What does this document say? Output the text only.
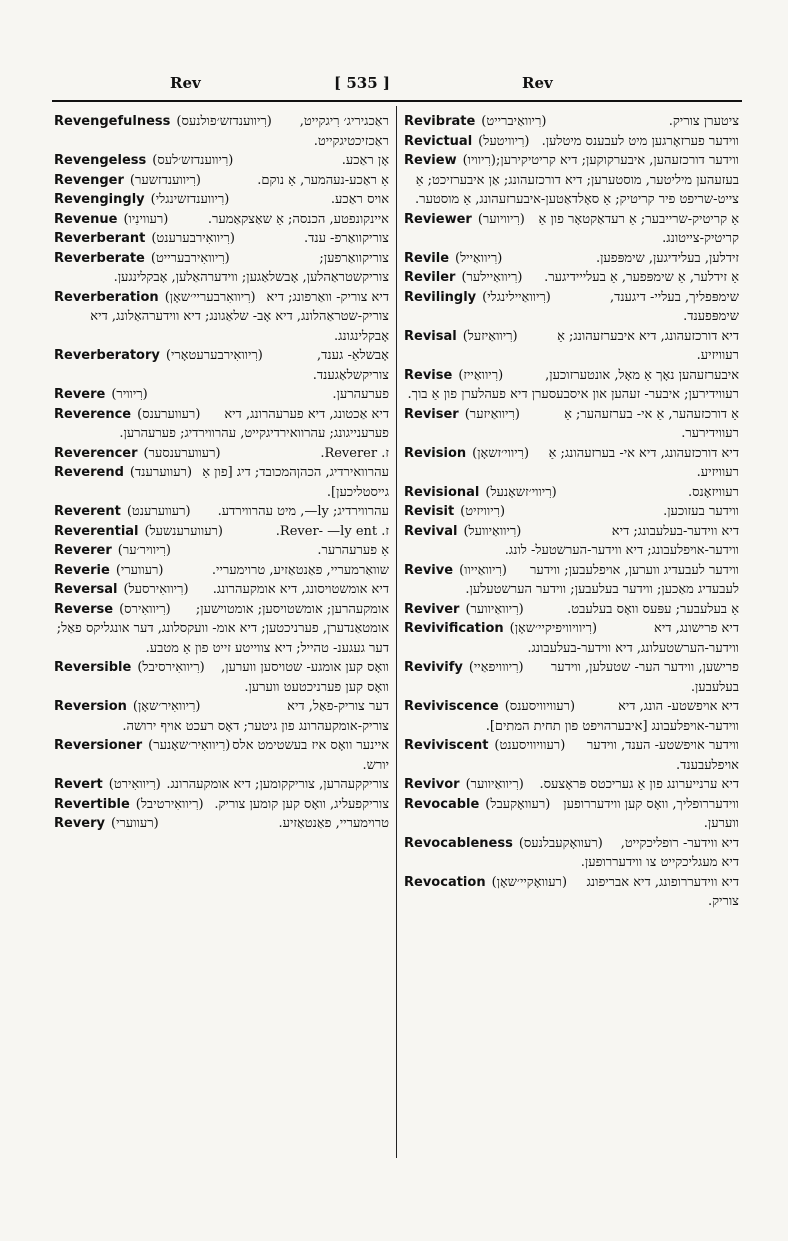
Rev	[ 535 ]	Rev
Revengefulness (רִיווענדזש׳פולנעס)	ראַכגיריג׳ רִיגקייט, ראַכזיכטיגקייט.
Revengeless (רִיווענדזש׳לעס)	אָן ראַכע.
Revenger (רִיווענדזשער)	אַ ראַכע-נעהמער, אַ נוקם.
Revengingly (רִיווענדזשינגלי)	אויס ראַכע.
Revenue (רעווינִיו)	איינקונפטע, הכנסה; אַ שאַצקאַמער.
Reverberant (רִיוואִירבערענט)	צוריקוואַרפ- ענד.
Reverberate (רִיוואִירבערייט)	צוריקוואַרפען; צוריקשטראַהלען, אָבשלאַגען; ווידערהאַלען, אָבקלינגען.
Reverberation (רִיוואִרבעריי׳שאָן) דיא צוריק- וואַרפונג; דיא צוריק-שטראַהלונג, דיא אָב- שלאַגונג; דיא ווידערהאַלונג, דיא אָבקלינגונג.
Reverberatory (רִיוואִירבערעטאָרי)	אָבשלאַ- גענד, צוריקשלאַגענד.
Revere (רִיוויר)	פערעהרען.
Reverence (רעווערענס)	דיא אַכטונג, דיא פערעהרונג, דיא פערענייגונג; עהרוואירדיגקייט, עהרווירדיג; פערעהרען.
Reverencer (רעווערענסער)	ז. Reverer.
Reverend (רעווערענד) עהרוואירדיג, הכהןהמכובד; דיג [פון אַ גייסטליכען].
Reverent (רעווערענט)	עהרווירדיג; ly—, מיט עהרווירדע.
Reverential (רעווערענשעל)	ז. Rever- —ly ent.
Reverer (רִיוויר׳ער)	אַ פערעהרער.
Reverie (רעווערי)	שוואַרמעריי, פאַנטאַזיע, טרוימעריי.
Reversal (רִיוואִירסעל)	דיא אומשטויסונג, דיא אומקעהרונג.
Reverse (רִיוואִירס)	אומקעהרען; אומשטויסען; אומטוישען; אומטאַנדערן, פערניכטען; דיא אומ- וועקסלונג, דער אונגליקס פאַל; דער געגענ- טהייל; דיא צווייטע זייט פון אַ מטבע.
Reversible (רִיוואִירסיבל)	וואָס קען אומגע- שטויסען ווערען, וואָס קען פערניכטעט ווערען.
Reversion (רִיוואִיר׳שאָן)	דער צוריק-פאַל, דיא צוריק-אומקעהרונג פון גיטער; דאָס רעכט אויף ירושה.
Reversioner (רִיוואִיר׳שאָנער) איינער וואָס איז בעשטימט אלס יורש.
Revert (רִיוואִירט) צוריקקעהרען, צוריקקומען; דיא אומקעהרונג.
Revertible (רִיוואִירטיבל) צוריקפעליג, וואָס קען קומען צוריק.
Revery (רעווערי)	טרוימעריי, פאַנטאַזיע.
Revibrate (רִיוואַיברייט)	ציטערן צוריק.
Revictual (רִיוויטעל) ווידער פערזאָרגען מיט לעבענס מיטלען.
Review (רִיוויו) ווידער דורכזעהען, איבערקוקען; דיא קריטיקירען; בעזעהען מיליטער, מוסטערען; דיא דורכזעהונג; אַן איבערזיכט; אַ צייט-שריפט פיר קריטיק; אַ סאָלדאַטען-איבערזעהונג, אַ מוסטער.
Reviewer (רִיוויוער)	אַ קריטיק-שרייבער; אַ רעדאַקטאָר פון אַ קריטיק-צייטונג.
Revile (רִיוואַייל)	זידלען, בעלידיגען, שימפּפען.
Reviler (רִיוואַיילער)	אַ זידלער, אַ שימפּפער, אַ בעלייידיגער.
Revilingly (רִיוואַיילינגלי)	שימפּפליך, בעליי- דיגענד, שימפּפענד.
Revisal (רִיוואַיזעל)	דיא דורכזעהונג, דיא איבערזעהונג; אַ רעוויזיע.
Revise (רִיוואַייז)	איבערזעהען נאָך אַ מאָל, אונטערזוכען, רעווידירען; איבער- זעהען און איסבעסערן דיא פעהלערן פון אַ בוך.
Reviser (רִיוואַיזער)	אַ דורכזעהער, אַ אי- בערזעהער; אַ רעווידירער.
Revision (רִיווי׳זשאָן)	דיא דורכזעהונג, דיא אי- בערזעהונג; אַ רעוויזיע.
Revisional (רִיווי׳זשאָנעל)	רעוויזאָנס.
Revisit (רִיוויזיט)	ווידער בעזוכען.
Revival (רִיוואַיוועל)	דיא ווידער-בעלעבונג; דיא ווידער-אויפלעבונג; דיא ווידער-הערשטעל- לונג.
Revive (רִיוואַייוו)	ווידער לעבעדיג ווערען, אויפלעבען; ווידער לעבעדיג מאַכען; ווידער בעלעבען; ווידער הערשטעלען.
Reviver (רִיוואַיווער)	אַ בעלעבער; עפּעס וואָס בעלעבט.
Revivification (רִיוויוויפיקיי׳שאָן)	דיא פרישונג, דיא ווידער-הערשטעלונג, דיא ווידער-בעלעבונג.
Revivify (רִיווויפאַיי)	פרישען, ווידער הער- שטעלען, ווידער בעלעבען.
Reviviscence (רעוויוויסענס)	דיא אויפשטע- הונג, דיא ווידער-אויפלעבונג [איבערהויפט פון תחית המתים].
Reviviscent (רעוויוויסענט)	ווידער אויפשטע- הענד, ווידער אויפלעבענד.
Revivor (רִיוואַיווער)	דיא ערנייערונג פון אַ געריכטס פּראָצעס.
Revocable (רעוואָקעבל) ווידעררופליך, וואָס קען ווידעררופען ווערען.
Revocableness (רעוואָקעבלנעס)	דיא ווידער- רופליכקייט, דיא מעגליכקייט צו ווידעררופען.
Revocation (רעוואָקיי׳שאָן)	דיא ווידעררופונג, דיא אבריפונג צוריק.
